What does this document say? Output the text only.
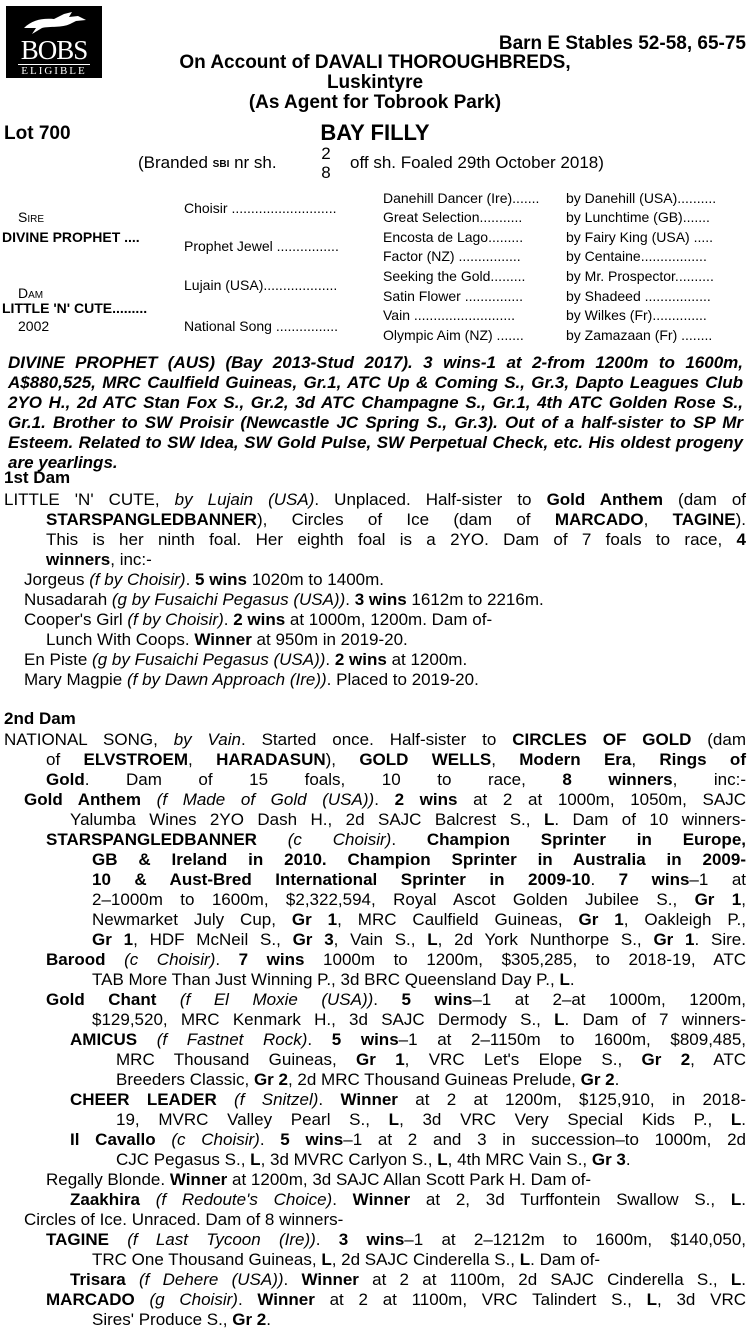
BOBS
ELIGIBLE
Barn E Stables 52-58, 65-75
On Account of DAVALI THOROUGHBREDS,
Luskintyre
(As Agent for Tobrook Park)
Lot 700	BAY FILLY
(Branded SBI nr sh.	2
8
off sh. Foaled 29th October 2018)
Sire
DIVINE PROPHET ....
Dam
LITTLE 'N' CUTE.........
2002
Choisir ...........................
Prophet Jewel ................
Lujain (USA)...................
National Song ................
Danehill Dancer (Ire).......
Great Selection...........
Encosta de Lago.........
Factor (NZ) ................
Seeking the Gold.........
Satin Flower ...............
Vain ..........................
Olympic Aim (NZ) .......
by Danehill (USA)..........
by Lunchtime (GB).......
by Fairy King (USA) .....
by Centaine.................
by Mr. Prospector..........
by Shadeed .................
by Wilkes (Fr)..............
by Zamazaan (Fr) ........

DIVINE PROPHET (AUS) (Bay 2013-Stud 2017). 3 wins-1 at 2-from 1200m to 1600m, A$880,525, MRC Caulfield Guineas, Gr.1, ATC Up & Coming S., Gr.3, Dapto Leagues Club 2YO H., 2d ATC Stan Fox S., Gr.2, 3d ATC Champagne S., Gr.1, 4th ATC Golden Rose S., Gr.1. Brother to SW Proisir (Newcastle JC Spring S., Gr.3). Out of a half-sister to SP Mr Esteem. Related to SW Idea, SW Gold Pulse, SW Perpetual Check, etc. His oldest progeny are yearlings.

1st Dam

LITTLE 'N' CUTE, by Lujain (USA). Unplaced. Half-sister to Gold Anthem (dam of

STARSPANGLEDBANNER), Circles of Ice (dam of MARCADO, TAGINE).

This is her ninth foal. Her eighth foal is a 2YO. Dam of 7 foals to race, 4

winners, inc:-

Jorgeus (f by Choisir). 5 wins 1020m to 1400m.

Nusadarah (g by Fusaichi Pegasus (USA)). 3 wins 1612m to 2216m.

Cooper's Girl (f by Choisir). 2 wins at 1000m, 1200m. Dam of-

Lunch With Coops. Winner at 950m in 2019-20.

En Piste (g by Fusaichi Pegasus (USA)). 2 wins at 1200m.

Mary Magpie (f by Dawn Approach (Ire)). Placed to 2019-20.

2nd Dam

NATIONAL SONG, by Vain. Started once. Half-sister to CIRCLES OF GOLD (dam

of ELVSTROEM, HARADASUN), GOLD WELLS, Modern Era, Rings of

Gold. Dam of 15 foals, 10 to race, 8 winners, inc:-

Gold Anthem (f Made of Gold (USA)). 2 wins at 2 at 1000m, 1050m, SAJC

Yalumba Wines 2YO Dash H., 2d SAJC Balcrest S., L. Dam of 10 winners-

STARSPANGLEDBANNER (c Choisir). Champion Sprinter in Europe,

GB & Ireland in 2010. Champion Sprinter in Australia in 2009-

10 & Aust-Bred International Sprinter in 2009-10. 7 wins–1 at

2–1000m to 1600m, $2,322,594, Royal Ascot Golden Jubilee S., Gr 1,

Newmarket July Cup, Gr 1, MRC Caulfield Guineas, Gr 1, Oakleigh P.,

Gr 1, HDF McNeil S., Gr 3, Vain S., L, 2d York Nunthorpe S., Gr 1. Sire.

Barood (c Choisir). 7 wins 1000m to 1200m, $305,285, to 2018-19, ATC

TAB More Than Just Winning P., 3d BRC Queensland Day P., L.

Gold Chant (f El Moxie (USA)). 5 wins–1 at 2–at 1000m, 1200m,

$129,520, MRC Kenmark H., 3d SAJC Dermody S., L. Dam of 7 winners-

AMICUS (f Fastnet Rock). 5 wins–1 at 2–1150m to 1600m, $809,485,

MRC Thousand Guineas, Gr 1, VRC Let's Elope S., Gr 2, ATC

Breeders Classic, Gr 2, 2d MRC Thousand Guineas Prelude, Gr 2.

CHEER LEADER (f Snitzel). Winner at 2 at 1200m, $125,910, in 2018-

19, MVRC Valley Pearl S., L, 3d VRC Very Special Kids P., L.

Il Cavallo (c Choisir). 5 wins–1 at 2 and 3 in succession–to 1000m, 2d

CJC Pegasus S., L, 3d MVRC Carlyon S., L, 4th MRC Vain S., Gr 3.

Regally Blonde. Winner at 1200m, 3d SAJC Allan Scott Park H. Dam of-

Zaakhira (f Redoute's Choice). Winner at 2, 3d Turffontein Swallow S., L.

Circles of Ice. Unraced. Dam of 8 winners-

TAGINE (f Last Tycoon (Ire)). 3 wins–1 at 2–1212m to 1600m, $140,050,

TRC One Thousand Guineas, L, 2d SAJC Cinderella S., L. Dam of-

Trisara (f Dehere (USA)). Winner at 2 at 1100m, 2d SAJC Cinderella S., L.

MARCADO (g Choisir). Winner at 2 at 1100m, VRC Talindert S., L, 3d VRC

Sires' Produce S., Gr 2.
